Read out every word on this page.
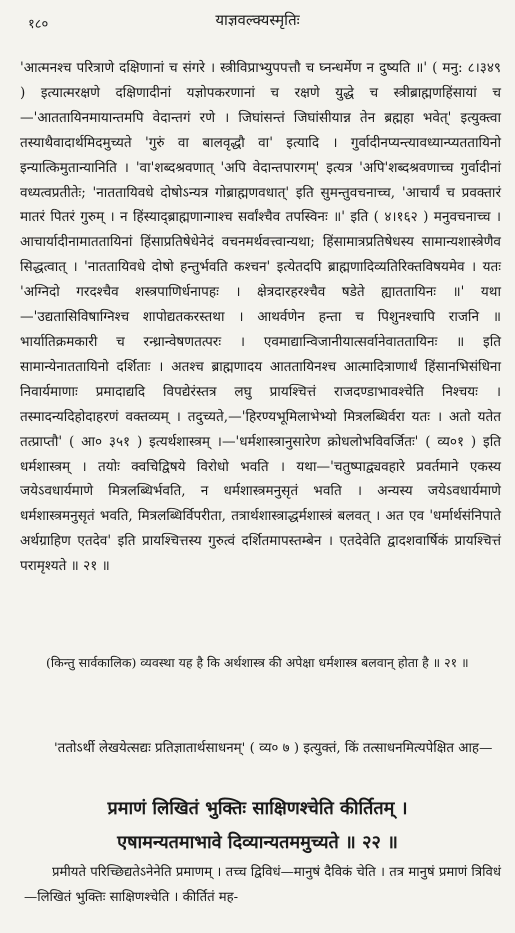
१८०	याज्ञवल्क्यस्मृतिः

'आत्मनश्च परित्राणे दक्षिणानां च संगरे । स्त्रीविप्राभ्युपपत्तौ च घ्नन्धर्मेण न दुष्यति ॥' ( मनु: ८।३४९ ) इत्यात्मरक्षणे दक्षिणादीनां यज्ञोपकरणानां च रक्षणे युद्धे च स्त्रीब्राह्मणहिंसायां च—'आततायिनमायान्तमपि वेदान्तगं रणे । जिघांसन्तं जिघांसीयान्न तेन ब्रह्महा भवेत्' इत्युक्त्वा तस्याथैवादार्थमिदमुच्यते 'गुरुं वा बालवृद्धौ वा' इत्यादि । गुर्वादीनप्यन्त्यावध्यान्प्यततायिनो इन्यात्किमुतान्यानिति । 'वा'शब्दश्रवणात् 'अपि वेदान्तपारगम्' इत्यत्र 'अपि'शब्दश्रवणाच्च गुर्वादीनां वध्यत्वप्रतीतेः; 'नाततायिवधे दोषोऽन्यत्र गोब्राह्मणवधात्' इति सुमन्तुवचनाच्च, 'आचार्यं च प्रवक्तारं मातरं पितरं गुरुम् । न हिंस्याद्ब्राह्मणान्गाश्च सर्वांश्चैव तपस्विनः ॥' इति ( ४।१६२ ) मनुवचनाच्च । आचार्यादीनामाततायिनां हिंसाप्रतिषेधेनेदं वचनमर्थवत्त्वान्यथा; हिंसामात्रप्रतिषेधस्य सामान्यशास्त्रेणैव सिद्धत्वात् । 'नाततायिवधे दोषो हन्तुर्भवति कश्चन' इत्येतदपि ब्राह्मणादिव्यतिरिक्तविषयमेव । यतः 'अग्निदो गरदश्चैव शस्त्रपाणिर्धनापहः । क्षेत्रदारहरश्चैव षडेते ह्याततायिनः ॥' यथा—'उद्यतासिविषाग्निश्च शापोद्यतकरस्तथा । आथर्वणेन हन्ता च पिशुनश्चापि राजनि ॥ भार्यातिक्रमकारी च रन्ध्रान्वेषणतत्परः । एवमाद्यान्विजानीयात्सर्वानेवाततायिनः ॥ इति सामान्येनाततायिनो दर्शिताः । अतश्च ब्राह्मणादय आततायिनश्च आत्मादित्राणार्थं हिंसानभिसंधिना निवार्यमाणाः प्रमादाद्यदि विपद्येरंस्तत्र लघु प्रायश्चित्तं राजदण्डाभावश्चेति निश्चयः । तस्मादन्यदिहोदाहरणं वक्तव्यम् । तदुच्यते,—'हिरण्यभूमिलाभेभ्यो मित्रलब्धिर्वरा यतः । अतो यतेत तत्प्राप्तौ' ( आ० ३५१ ) इत्यर्थशास्त्रम् ।—'धर्मशास्त्रानुसारेण क्रोधलोभविवर्जितः' ( व्य०१ ) इति धर्मशास्त्रम् । तयोः क्वचिद्विषये विरोधो भवति । यथा—'चतुष्पाद्व्यवहारे प्रवर्तमाने एकस्य जयेऽवधार्यमाणे मित्रलब्धिर्भवति, न धर्मशास्त्रमनुसृतं भवति । अन्यस्य जयेऽवधार्यमाणे धर्मशास्त्रमनुसृतं भवति, मित्रलब्धिर्विपरीता, तत्रार्थशास्त्राद्धर्मशास्त्रं बलवत् । अत एव 'धर्मार्थसंनिपाते अर्थग्राहिण एतदेव' इति प्रायश्चित्तस्य गुरुत्वं दर्शितमापस्तम्बेन । एतदेवेति द्वादशवार्षिकं प्रायश्चित्तं परामृश्यते ॥ २१ ॥

(किन्तु सार्वकालिक) व्यवस्था यह है कि अर्थशास्त्र की अपेक्षा धर्मशास्त्र बलवान् होता है ॥ २१ ॥

'ततोऽर्थी लेखयेत्सद्यः प्रतिज्ञातार्थसाधनम्' ( व्य० ७ ) इत्युक्तं, किं तत्साधनमित्यपेक्षित आह—

प्रमाणं लिखितं भुक्तिः साक्षिणश्चेति कीर्तितम् ।
एषामन्यतमाभावे दिव्यान्यतममुच्यते ॥ २२ ॥

प्रमीयते परिच्छिद्यतेऽनेनेति प्रमाणम् । तच्च द्विविधं—मानुषं दैविकं चेति । तत्र मानुषं प्रमाणं त्रिविधं—लिखितं भुक्तिः साक्षिणश्चेति । कीर्तितं मह-
